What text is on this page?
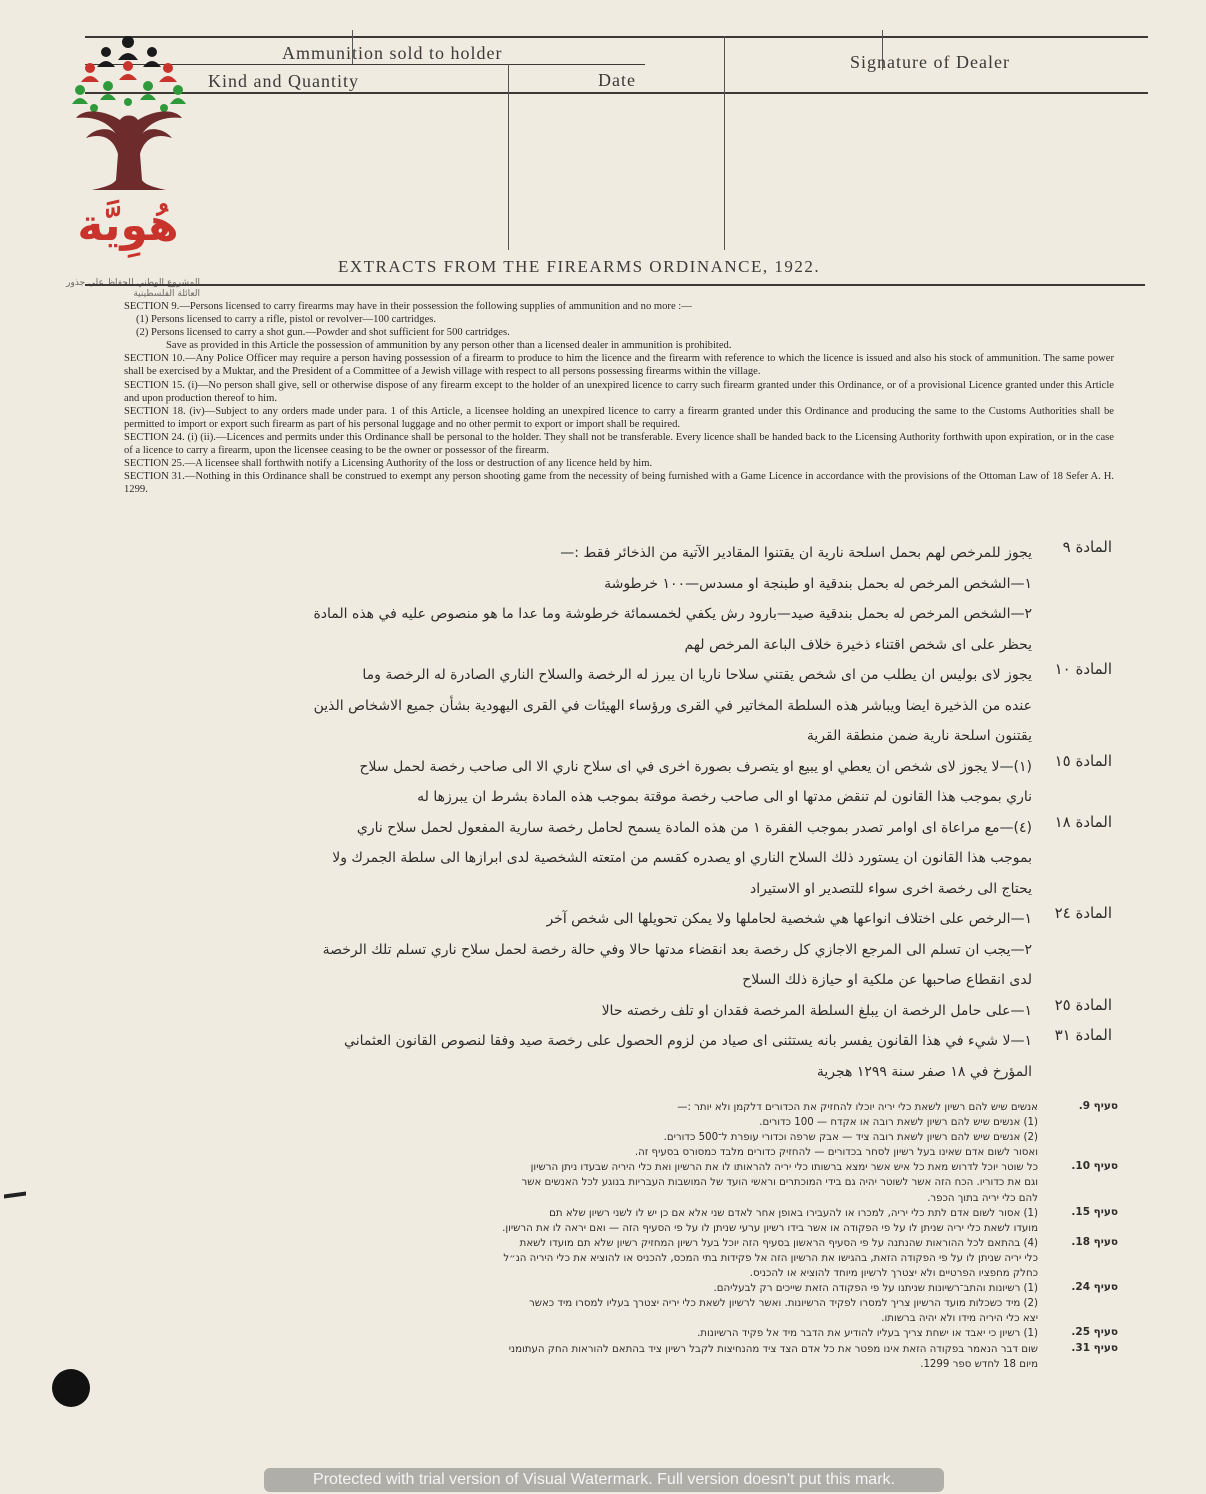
Ammunition sold to holder
Kind and Quantity	Date
Signature of Dealer
هُوِيَّة
المشروع الوطني للحفاظ على جذور العائلة الفلسطينية
EXTRACTS FROM THE FIREARMS ORDINANCE, 1922.

SECTION 9.—Persons licensed to carry firearms may have in their possession the following supplies of ammunition and no more :—

(1) Persons licensed to carry a rifle, pistol or revolver—100 cartridges.

(2) Persons licensed to carry a shot gun.—Powder and shot sufficient for 500 cartridges.

Save as provided in this Article the possession of ammunition by any person other than a licensed dealer in ammunition is prohibited.

SECTION 10.—Any Police Officer may require a person having possession of a firearm to produce to him the licence and the firearm with reference to which the licence is issued and also his stock of ammunition. The same power shall be exercised by a Muktar, and the President of a Committee of a Jewish village with respect to all persons possessing firearms within the village.

SECTION 15. (i)—No person shall give, sell or otherwise dispose of any firearm except to the holder of an unexpired licence to carry such firearm granted under this Ordinance, or of a provisional Licence granted under this Article and upon production thereof to him.

SECTION 18. (iv)—Subject to any orders made under para. 1 of this Article, a licensee holding an unexpired licence to carry a firearm granted under this Ordinance and producing the same to the Customs Authorities shall be permitted to import or export such firearm as part of his personal luggage and no other permit to export or import shall be required.

SECTION 24. (i) (ii).—Licences and permits under this Ordinance shall be personal to the holder. They shall not be transferable. Every licence shall be handed back to the Licensing Authority forthwith upon expiration, or in the case of a licence to carry a firearm, upon the licensee ceasing to be the owner or possessor of the firearm.

SECTION 25.—A licensee shall forthwith notify a Licensing Authority of the loss or destruction of any licence held by him.

SECTION 31.—Nothing in this Ordinance shall be construed to exempt any person shooting game from the necessity of being furnished with a Game Licence in accordance with the provisions of the Ottoman Law of 18 Sefer A. H. 1299.

المادة ٩

يجوز للمرخص لهم بحمل اسلحة نارية ان يقتنوا المقادير الآتية من الذخائر فقط :—

١—الشخص المرخص له بحمل بندقية او طبنجة او مسدس—١٠٠ خرطوشة

٢—الشخص المرخص له بحمل بندقية صيد—بارود رش يكفي لخمسمائة خرطوشة وما عدا ما هو منصوص عليه في هذه المادة

يحظر على اى شخص اقتناء ذخيرة خلاف الباعة المرخص لهم

المادة ١٠

يجوز لاى بوليس ان يطلب من اى شخص يقتني سلاحا ناريا ان يبرز له الرخصة والسلاح الناري الصادرة له الرخصة وما

عنده من الذخيرة ايضا ويباشر هذه السلطة المخاتير في القرى ورؤساء الهيئات في القرى اليهودية بشأن جميع الاشخاص الذين

يقتنون اسلحة نارية ضمن منطقة القرية

المادة ١٥

(١)—لا يجوز لاى شخص ان يعطي او يبيع او يتصرف بصورة اخرى في اى سلاح ناري الا الى صاحب رخصة لحمل سلاح

ناري بموجب هذا القانون لم تنقض مدتها او الى صاحب رخصة موقتة بموجب هذه المادة بشرط ان يبرزها له

المادة ١٨

(٤)—مع مراعاة اى اوامر تصدر بموجب الفقرة ١ من هذه المادة يسمح لحامل رخصة سارية المفعول لحمل سلاح ناري

بموجب هذا القانون ان يستورد ذلك السلاح الناري او يصدره كقسم من امتعته الشخصية لدى ابرازها الى سلطة الجمرك ولا

يحتاج الى رخصة اخرى سواء للتصدير او الاستيراد

المادة ٢٤

١—الرخص على اختلاف انواعها هي شخصية لحاملها ولا يمكن تحويلها الى شخص آخر

٢—يجب ان تسلم الى المرجع الاجازي كل رخصة بعد انقضاء مدتها حالا وفي حالة رخصة لحمل سلاح ناري تسلم تلك الرخصة

لدى انقطاع صاحبها عن ملكية او حيازة ذلك السلاح

المادة ٢٥

١—على حامل الرخصة ان يبلغ السلطة المرخصة فقدان او تلف رخصته حالا

المادة ٣١

١—لا شيء في هذا القانون يفسر بانه يستثنى اى صياد من لزوم الحصول على رخصة صيد وفقا لنصوص القانون العثماني

المؤرخ في ١٨ صفر سنة ١٢٩٩ هجرية

סעיף 9.

אנשים שיש להם רשיון לשאת כלי יריה יוכלו להחזיק את הכדורים דלקמן ולא יותר :—

(1) אנשים שיש להם רשיון לשאת רובה או אקדח — 100 כדורים.

(2) אנשים שיש להם רשיון לשאת רובה ציד — אבק שרפה וכדורי עופרת ל־500 כדורים.

ואסור לשום אדם שאינו בעל רשיון לסחר בכדורים — להחזיק כדורים מלבד כמסורס בסעיף זה.

סעיף 10.

כל שוטר יוכל לדרוש מאת כל איש אשר ימצא ברשותו כלי יריה להראותו לו את הרשיון ואת כלי היריה שבעדו ניתן הרשיון

וגם את כדוריו. הכח הזה אשר לשוטר יהיה גם בידי המוכתרים וראשי הועד של המושבות העבריות בנוגע לכל האנשים אשר

להם כלי יריה בתוך הכפר.

סעיף 15.

(1) אסור לשום אדם לתת כלי יריה, למכרו או להעבירו באופן אחר לאדם שני אלא אם כן יש לו לשני רשיון שלא תם

מועדו לשאת כלי יריה שניתן לו על פי הפקודה או אשר בידו רשיון ערעי שניתן לו על פי הסעיף הזה — ואם יראה לו את הרשיון.

סעיף 18.

(4) בהתאם לכל ההוראות שהנתנה על פי הסעיף הראשון בסעיף הזה יוכל בעל רשיון המחזיק רשיון שלא תם מועדו לשאת

כלי יריה שניתן לו על פי הפקודה הזאת, בהגישו את הרשיון הזה אל פקידות בתי המכס, להכניס או להוציא את כלי היריה הנ״ל

כחלק מחפציו הפרטיים ולא יצטרך לרשיון מיוחד להוציא או להכניס.

סעיף 24.

(1) רשיונות והתב־רשיונות שניתנו על פי הפקודה הזאת שייכים רק לבעליהם.

(2) מיד כשכלות מועד הרשיון צריך למסרו לפקיד הרשיונות. ואשר לרשיון לשאת כלי יריה יצטרך בעליו למסרו מיד כאשר

יצא כלי היריה מידו ולא יהיה ברשותו.

סעיף 25.

(1) רשיון כי יאבד או ישחת צריך בעליו להודיע את הדבר מיד אל פקיד הרשיונות.

סעיף 31.

שום דבר הנאמר בפקודה הזאת אינו מפטר את כל אדם הצד ציד מהנחיצות לקבל רשיון ציד בהתאם להוראות החק העתומני

מיום 18 לחדש ספר 1299.

Protected with trial version of Visual Watermark. Full version doesn't put this mark.
